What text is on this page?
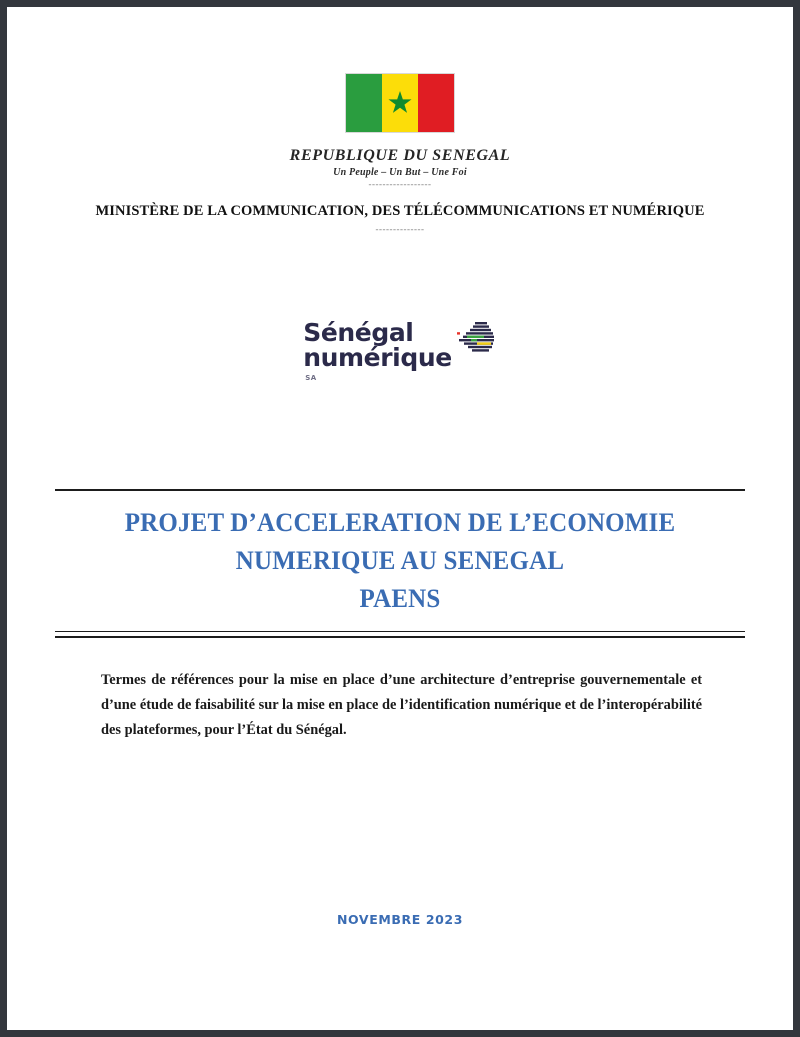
REPUBLIQUE DU SENEGAL
Un Peuple – Un But – Une Foi
------------------
MINISTÈRE DE LA COMMUNICATION, DES TÉLÉCOMMUNICATIONS ET NUMÉRIQUE
--------------
Sénégal
numérique
SA
PROJET D’ACCELERATION DE L’ECONOMIE
NUMERIQUE AU SENEGAL
PAENS
Termes de références pour la mise en place d’une architecture d’entreprise gouvernementale et d’une étude de faisabilité sur la mise en place de l’identification numérique et de l’interopérabilité des plateformes, pour l’État du Sénégal.
NOVEMBRE 2023
